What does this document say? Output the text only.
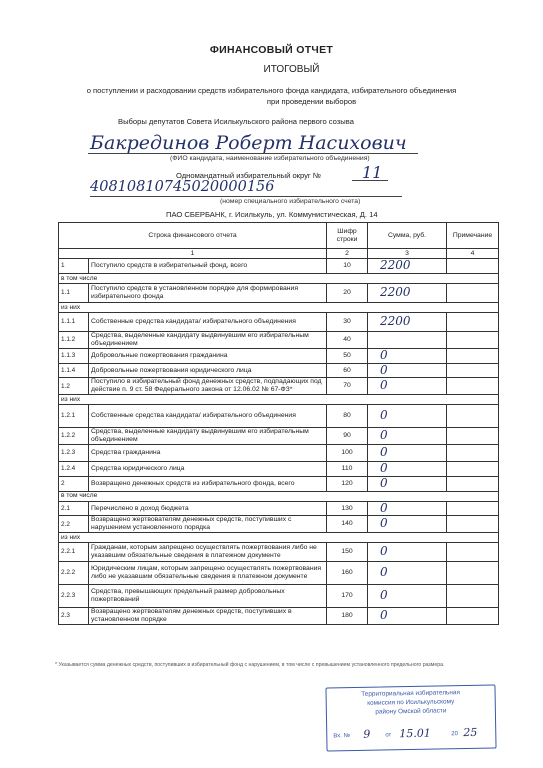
ФИНАНСОВЫЙ ОТЧЕТ
ИТОГОВЫЙ
о поступлении и расходовании средств избирательного фонда кандидата, избирательного объединения
при проведении выборов
Выборы депутатов Совета Исилькульского района первого созыва
Бакрединов Роберт Насихович
(ФИО кандидата, наименование избирательного объединения)
Одномандатный избирательный округ №	11
40810810745020000156
(номер специального избирательного счета)
ПАО СБЕРБАНК, г. Исилькуль, ул. Коммунистическая, Д. 14
Строка финансового отчета		Шифр строки	Сумма, руб.	Примечание
1		2	3	4
1	Поступило средств в избирательный фонд, всего	10	2200	
в том числе				
1.1	Поступило средств в установленном порядке для формирования избирательного фонда	20	2200	
из них				
1.1.1	Собственные средства кандидата/ избирательного объединения	30	2200	
1.1.2	Средства, выделенные кандидату выдвинувшим его избирательным объединением	40		
1.1.3	Добровольные пожертвования гражданина	50	0	
1.1.4	Добровольные пожертвования юридического лица	60	0	
1.2	Поступило в избирательный фонд денежных средств, подпадающих под действие п. 9 ст. 58 Федерального закона от 12.06.02 № 67-ФЗ*	70	0	
из них				
1.2.1	Собственные средства кандидата/ избирательного объединения	80	0	
1.2.2	Средства, выделенные кандидату выдвинувшим его избирательным объединением	90	0	
1.2.3	Средства гражданина	100	0	
1.2.4	Средства юридического лица	110	0	
2	Возвращено денежных средств из избирательного фонда, всего	120	0	
в том числе				
2.1	Перечислено в доход бюджета	130	0	
2.2	Возвращено жертвователям денежных средств, поступивших с нарушением установленного порядка	140	0	
из них				
2.2.1	Гражданам, которым запрещено осуществлять пожертвования либо не указавшим обязательные сведения в платежном документе	150	0	
2.2.2	Юридическим лицам, которым запрещено осуществлять пожертвования либо не указавшим обязательные сведения в платежном документе	160	0	
2.2.3	Средства, превышающих предельный размер добровольных пожертвований	170	0	
2.3	Возвращено жертвователям денежных средств, поступивших в установленном порядке	180	0	
* Указывается сумма денежных средств, поступивших в избирательный фонд с нарушением, в том числе с превышением установленного предельного размера.
Территориальная избирательная
комиссия по Исилькульскому
району Омской области
Вх. № 9 от 15.01	20 25
